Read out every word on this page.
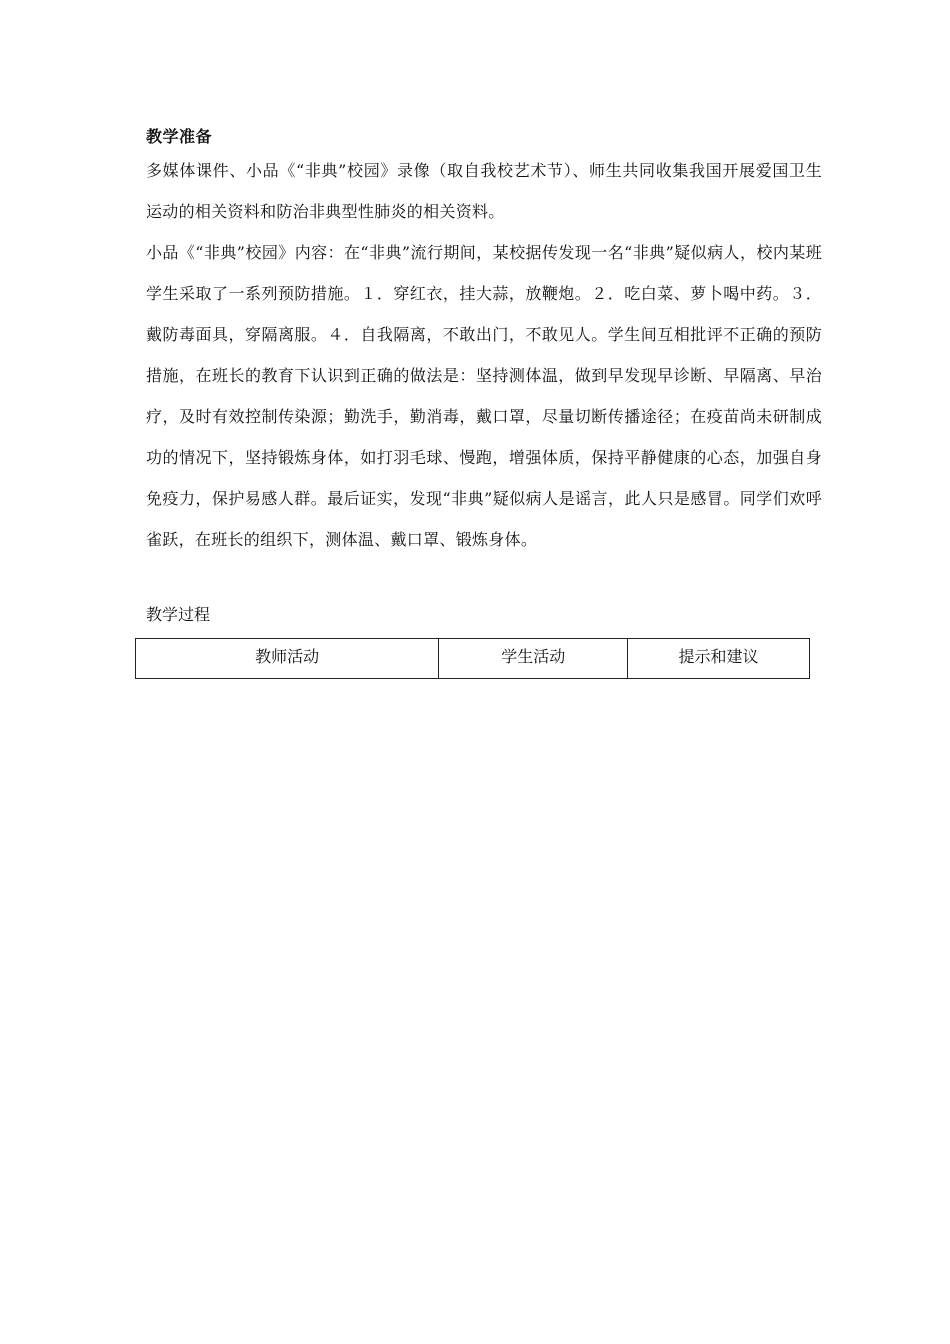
教学准备
多媒体课件、小品《“非典”校园》录像（取自我校艺术节）、师生共同收集我国开展爱国卫生运动的相关资料和防治非典型性肺炎的相关资料。
小品《“非典”校园》内容：在“非典”流行期间，某校据传发现一名“非典”疑似病人，校内某班学生采取了一系列预防措施。１．穿红衣，挂大蒜，放鞭炮。２．吃白菜、萝卜喝中药。３．戴防毒面具，穿隔离服。４．自我隔离，不敢出门，不敢见人。学生间互相批评不正确的预防措施，在班长的教育下认识到正确的做法是：坚持测体温，做到早发现早诊断、早隔离、早治疗，及时有效控制传染源；勤洗手，勤消毒，戴口罩，尽量切断传播途径；在疫苗尚未研制成功的情况下，坚持锻炼身体，如打羽毛球、慢跑，增强体质，保持平静健康的心态，加强自身免疫力，保护易感人群。最后证实，发现“非典”疑似病人是谣言，此人只是感冒。同学们欢呼雀跃，在班长的组织下，测体温、戴口罩、锻炼身体。
教学过程
教师活动	学生活动	提示和建议
